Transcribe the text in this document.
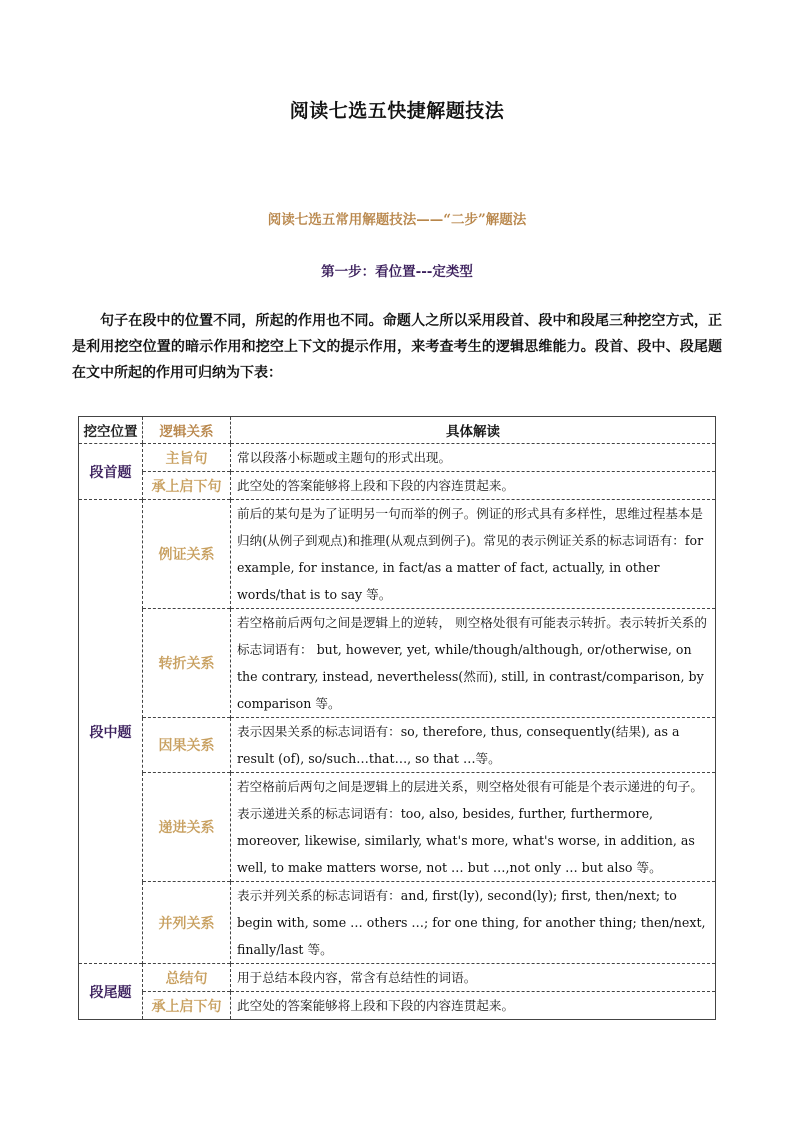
阅读七选五快捷解题技法
阅读七选五常用解题技法——“二步”解题法
第一步：看位置---定类型

句子在段中的位置不同，所起的作用也不同。命题人之所以采用段首、段中和段尾三种挖空方式，正是利用挖空位置的暗示作用和挖空上下文的提示作用，来考查考生的逻辑思维能力。段首、段中、段尾题在文中所起的作用可归纳为下表：

挖空位置	逻辑关系	具体解读
段首题	主旨句	常以段落小标题或主题句的形式出现。
	承上启下句	此空处的答案能够将上段和下段的内容连贯起来。
段中题	例证关系	前后的某句是为了证明另一句而举的例子。例证的形式具有多样性，思维过程基本是归纳(从例子到观点)和推理(从观点到例子)。常见的表示例证关系的标志词语有：for example, for instance, in fact/as a matter of fact, actually, in other words/that is to say 等。
	转折关系	若空格前后两句之间是逻辑上的逆转， 则空格处很有可能表示转折。表示转折关系的标志词语有： but, however, yet, while/though/although, or/otherwise, on the contrary, instead, nevertheless(然而), still, in contrast/comparison, by comparison 等。
	因果关系	表示因果关系的标志词语有：so, therefore, thus, consequently(结果), as a result (of), so/such…that…, so that …等。
	递进关系	若空格前后两句之间是逻辑上的层进关系，则空格处很有可能是个表示递进的句子。表示递进关系的标志词语有：too, also, besides, further, furthermore, moreover, likewise, similarly, what's more, what's worse, in addition, as well, to make matters worse, not … but …,not only … but also 等。
	并列关系	表示并列关系的标志词语有：and, first(ly), second(ly); first, then/next; to begin with, some … others …; for one thing, for another thing; then/next, finally/last 等。
段尾题	总结句	用于总结本段内容，常含有总结性的词语。
	承上启下句	此空处的答案能够将上段和下段的内容连贯起来。
